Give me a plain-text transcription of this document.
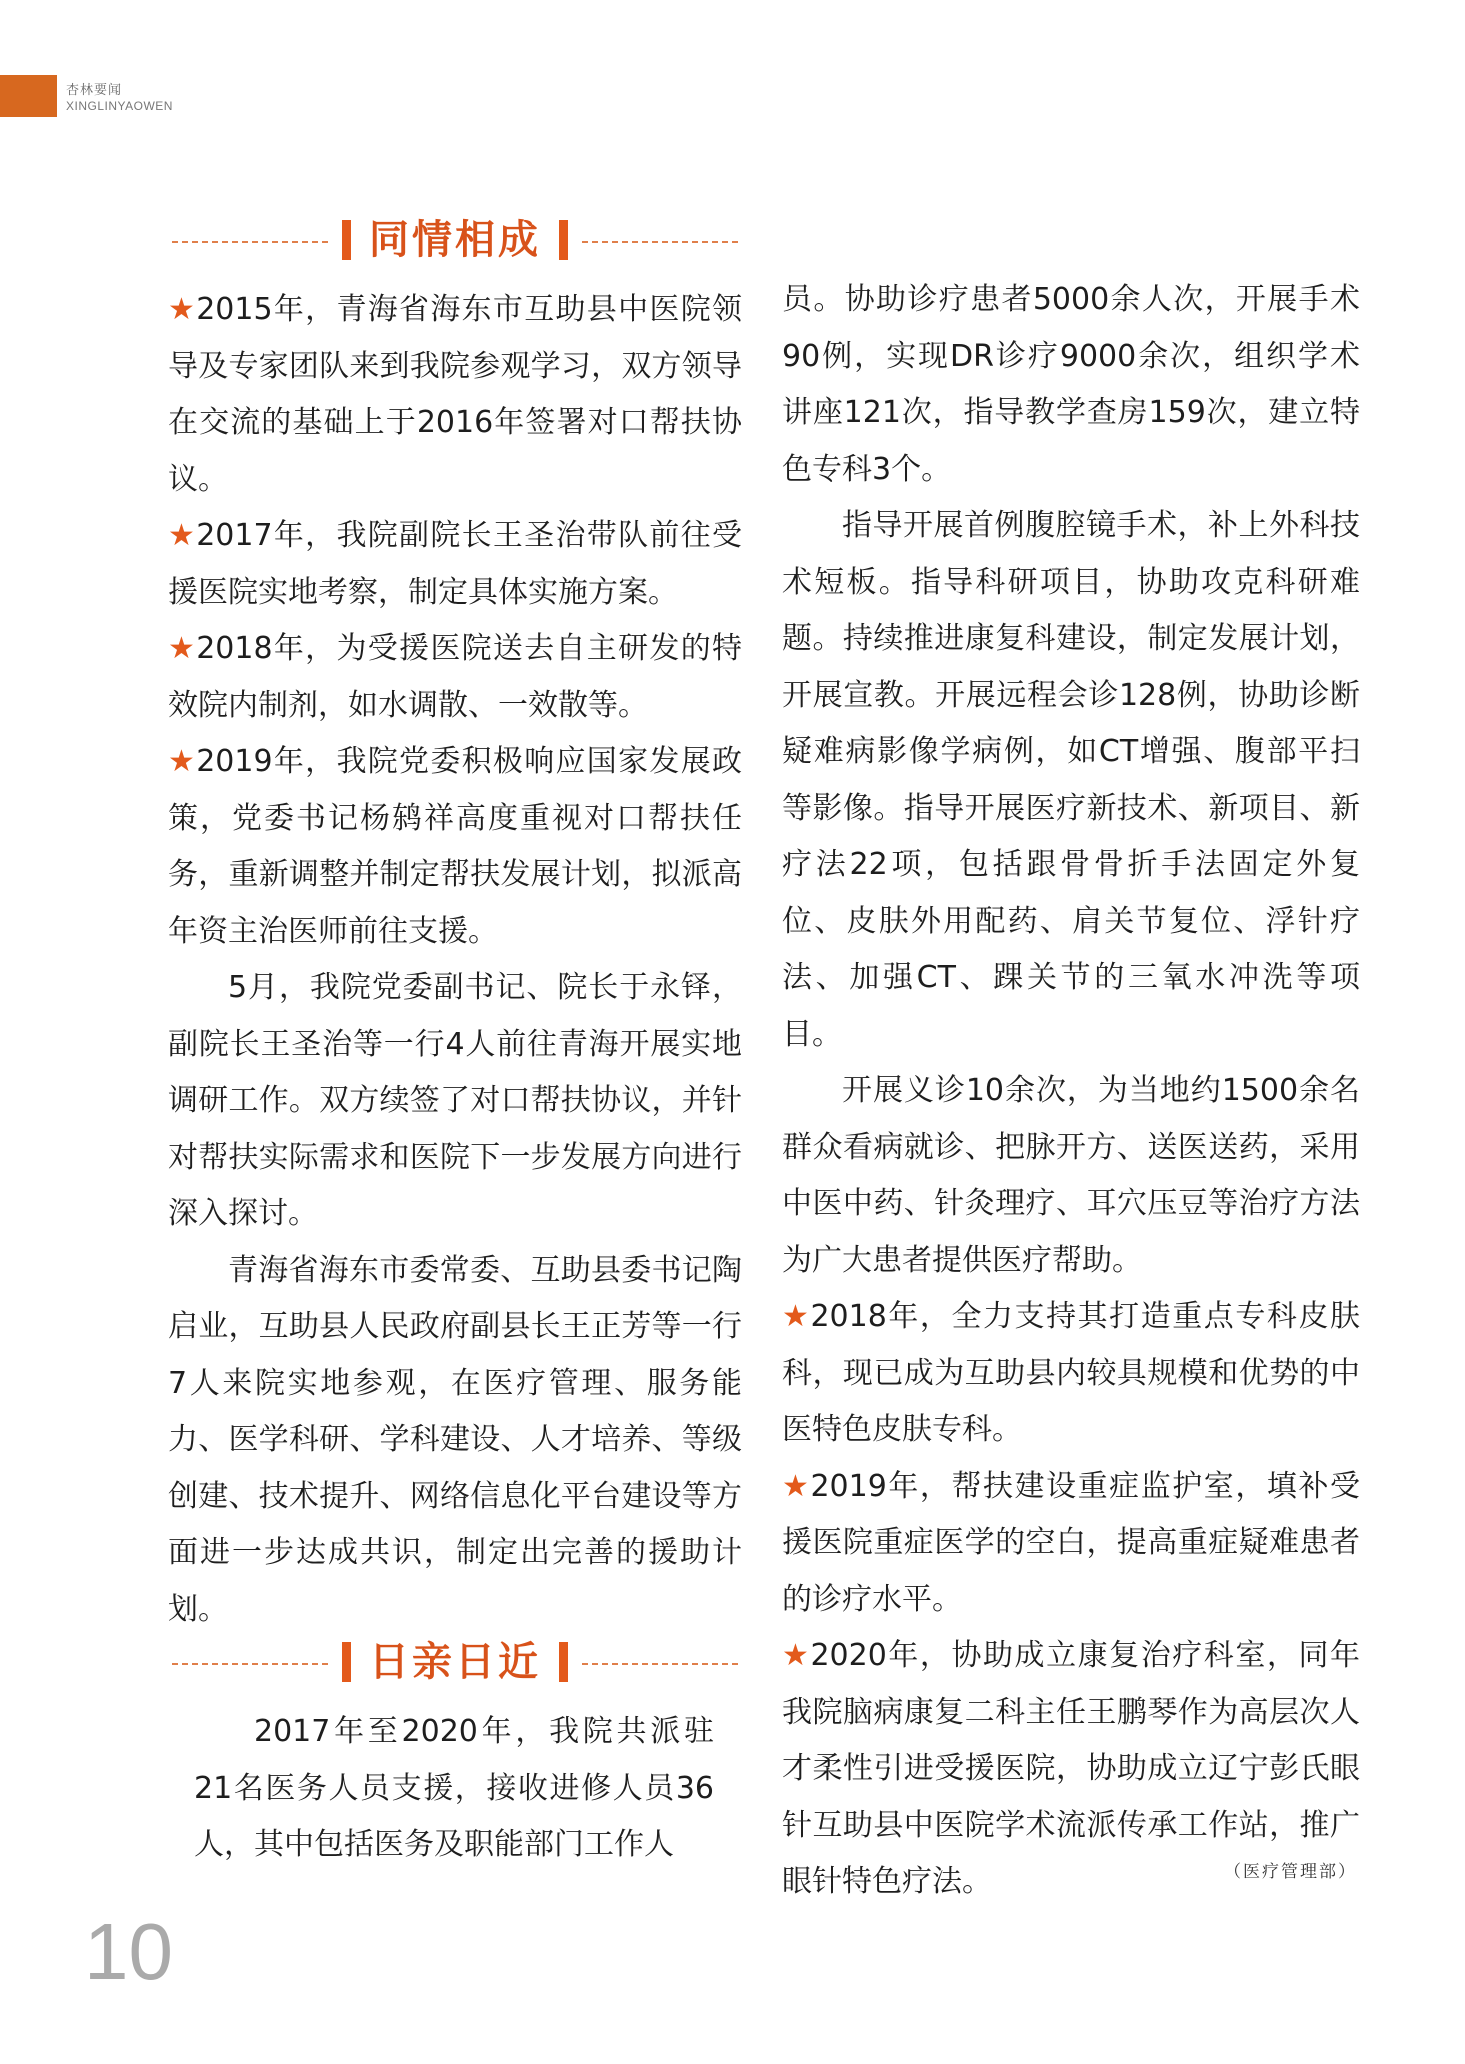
杏林要闻
XINGLINYAOWEN
同情相成

★2015年，青海省海东市互助县中医院领导及专家团队来到我院参观学习，双方领导在交流的基础上于2016年签署对口帮扶协议。

★2017年，我院副院长王圣治带队前往受援医院实地考察，制定具体实施方案。

★2018年，为受援医院送去自主研发的特效院内制剂，如水调散、一效散等。

★2019年，我院党委积极响应国家发展政策，党委书记杨鸫祥高度重视对口帮扶任务，重新调整并制定帮扶发展计划，拟派高年资主治医师前往支援。

5月，我院党委副书记、院长于永铎，副院长王圣治等一行4人前往青海开展实地调研工作。双方续签了对口帮扶协议，并针对帮扶实际需求和医院下一步发展方向进行深入探讨。

青海省海东市委常委、互助县委书记陶启业，互助县人民政府副县长王正芳等一行7人来院实地参观，在医疗管理、服务能力、医学科研、学科建设、人才培养、等级创建、技术提升、网络信息化平台建设等方面进一步达成共识，制定出完善的援助计划。

日亲日近

2017年至2020年，我院共派驻21名医务人员支援，接收进修人员36人，其中包括医务及职能部门工作人

员。协助诊疗患者5000余人次，开展手术90例，实现DR诊疗9000余次，组织学术讲座121次，指导教学查房159次，建立特色专科3个。

指导开展首例腹腔镜手术，补上外科技术短板。指导科研项目，协助攻克科研难题。持续推进康复科建设，制定发展计划，开展宣教。开展远程会诊128例，协助诊断疑难病影像学病例，如CT增强、腹部平扫等影像。指导开展医疗新技术、新项目、新疗法22项，包括跟骨骨折手法固定外复位、皮肤外用配药、肩关节复位、浮针疗法、加强CT、踝关节的三氧水冲洗等项目。

开展义诊10余次，为当地约1500余名群众看病就诊、把脉开方、送医送药，采用中医中药、针灸理疗、耳穴压豆等治疗方法为广大患者提供医疗帮助。

★2018年，全力支持其打造重点专科皮肤科，现已成为互助县内较具规模和优势的中医特色皮肤专科。

★2019年，帮扶建设重症监护室，填补受援医院重症医学的空白，提高重症疑难患者的诊疗水平。

★2020年，协助成立康复治疗科室，同年我院脑病康复二科主任王鹏琴作为高层次人才柔性引进受援医院，协助成立辽宁彭氏眼针互助县中医院学术流派传承工作站，推广眼针特色疗法。	（医疗管理部）
10
